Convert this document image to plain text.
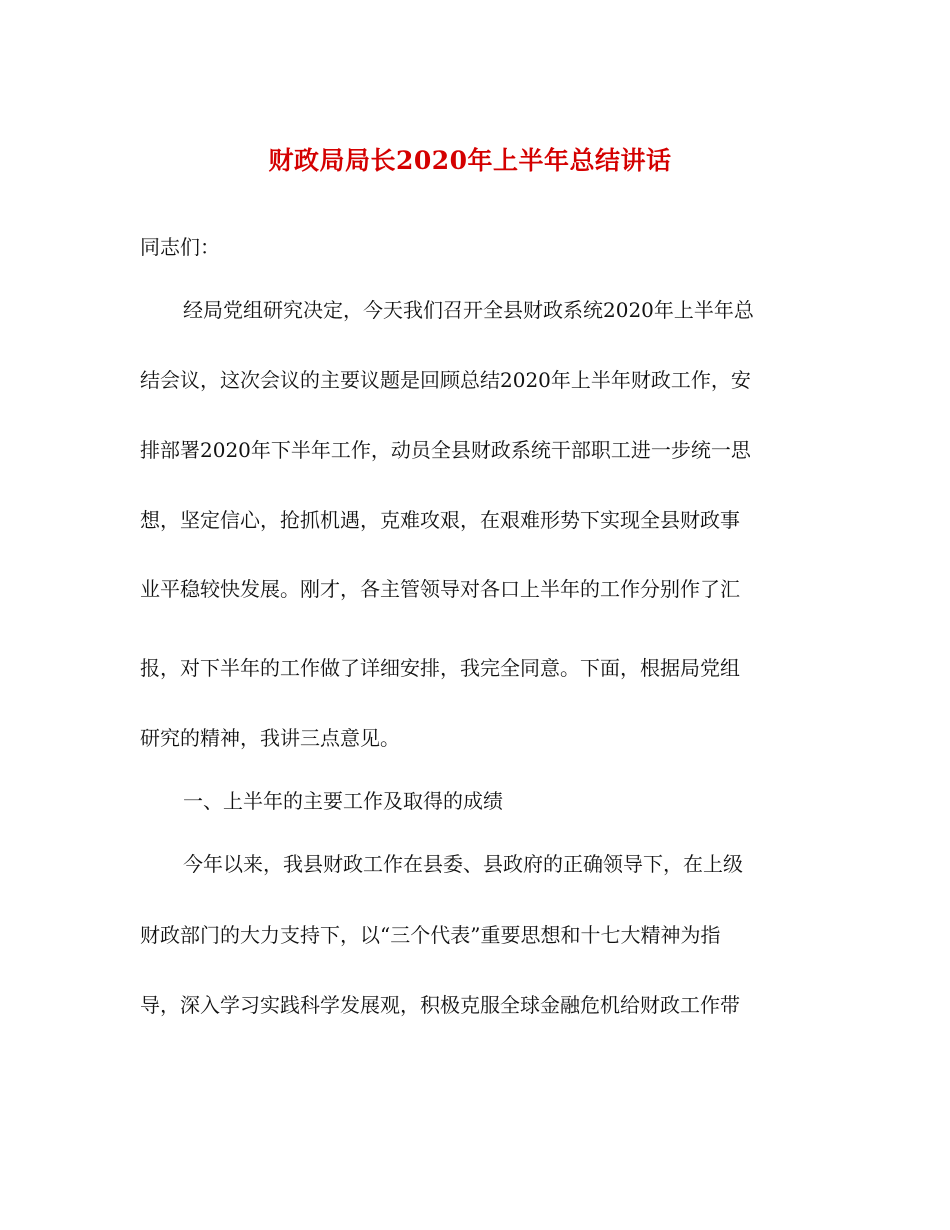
财政局局长2020年上半年总结讲话
同志们：
经局党组研究决定，今天我们召开全县财政系统2020年上半年总
结会议，这次会议的主要议题是回顾总结2020年上半年财政工作，安
排部署2020年下半年工作，动员全县财政系统干部职工进一步统一思
想，坚定信心，抢抓机遇，克难攻艰，在艰难形势下实现全县财政事
业平稳较快发展。刚才，各主管领导对各口上半年的工作分别作了汇
报，对下半年的工作做了详细安排，我完全同意。下面，根据局党组
研究的精神，我讲三点意见。
一、上半年的主要工作及取得的成绩
今年以来，我县财政工作在县委、县政府的正确领导下，在上级
财政部门的大力支持下，以“三个代表”重要思想和十七大精神为指
导，深入学习实践科学发展观，积极克服全球金融危机给财政工作带
